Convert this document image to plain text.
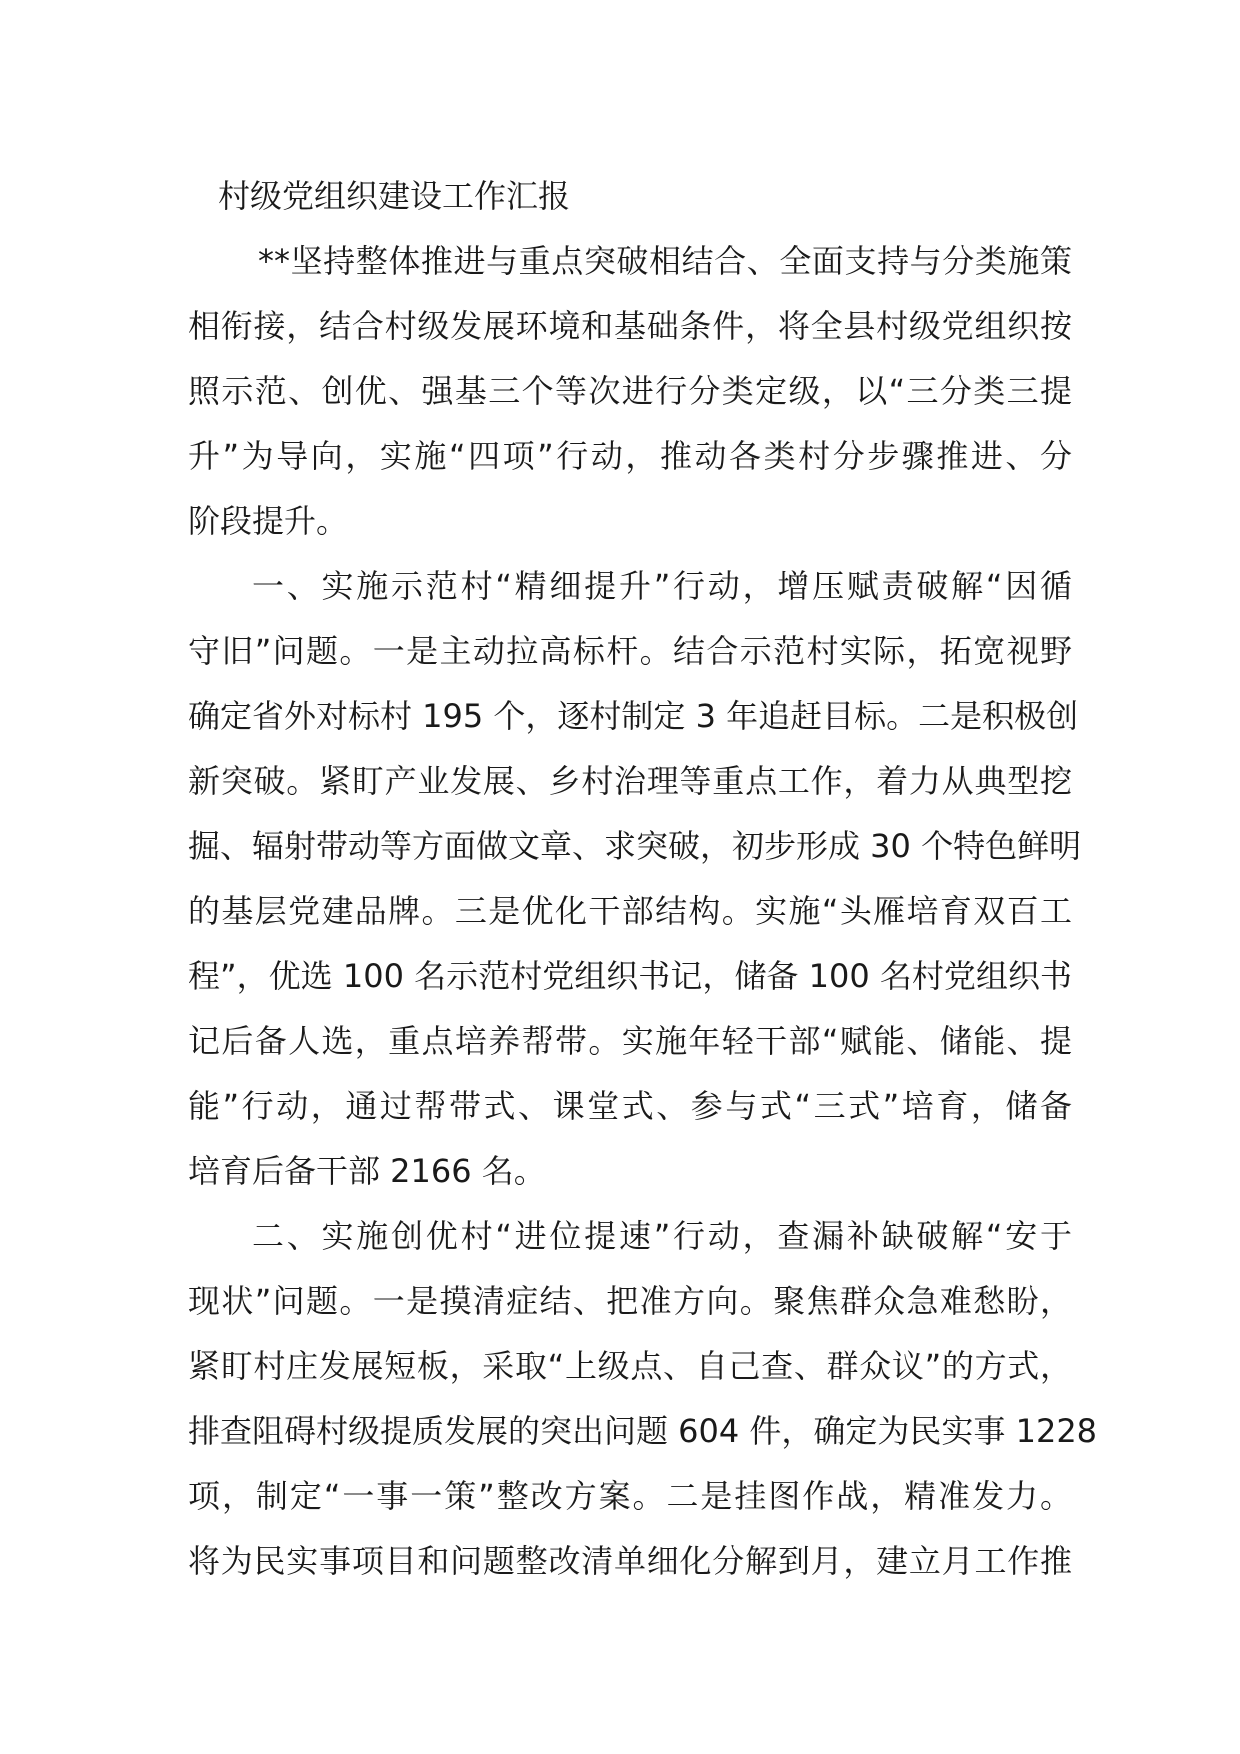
村级党组织建设工作汇报

**坚持整体推进与重点突破相结合、全面支持与分类施策
相衔接，结合村级发展环境和基础条件，将全县村级党组织按
照示范、创优、强基三个等次进行分类定级，以“三分类三提
升”为导向，实施“四项”行动，推动各类村分步骤推进、分
阶段提升。

一、实施示范村“精细提升”行动，增压赋责破解“因循
守旧”问题。一是主动拉高标杆。结合示范村实际，拓宽视野
确定省外对标村 195 个，逐村制定 3 年追赶目标。二是积极创
新突破。紧盯产业发展、乡村治理等重点工作，着力从典型挖
掘、辐射带动等方面做文章、求突破，初步形成 30 个特色鲜明
的基层党建品牌。三是优化干部结构。实施“头雁培育双百工
程”，优选 100 名示范村党组织书记，储备 100 名村党组织书
记后备人选，重点培养帮带。实施年轻干部“赋能、储能、提
能”行动，通过帮带式、课堂式、参与式“三式”培育，储备
培育后备干部 2166 名。

二、实施创优村“进位提速”行动，查漏补缺破解“安于
现状”问题。一是摸清症结、把准方向。聚焦群众急难愁盼，
紧盯村庄发展短板，采取“上级点、自己查、群众议”的方式，
排查阻碍村级提质发展的突出问题 604 件，确定为民实事 1228
项，制定“一事一策”整改方案。二是挂图作战，精准发力。
将为民实事项目和问题整改清单细化分解到月，建立月工作推
